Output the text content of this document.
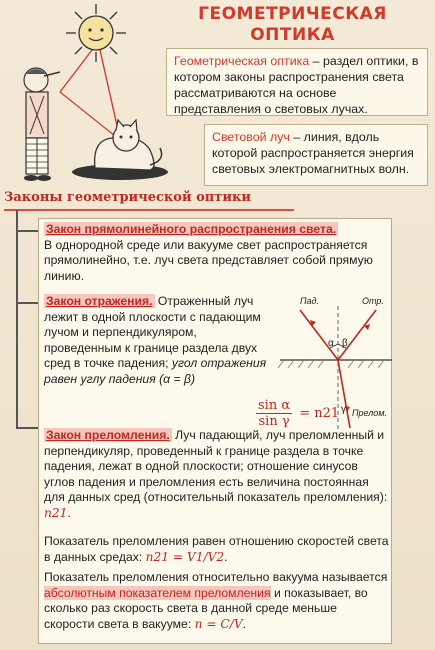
ГЕОМЕТРИЧЕСКАЯ
ОПТИКА
Геометрическая оптика – раздел оптики, в котором законы распространения света рассматриваются на основе представления о световых лучах.
Световой луч – линия, вдоль которой распространяется энергия световых электромагнитных волн.
Законы геометрической оптики
Закон прямолинейного распространения света.
В однородной среде или вакууме свет распространяется прямолинейно, т.е. луч света представляет собой прямую линию.
Закон отражения. Отраженный луч лежит в одной плоскости с падающим лучом и перпендикуляром, проведенным к границе раздела двух сред в точке падения; угол отражения равен углу падения (α = β)
Закон преломления. Луч падающий, луч преломленный и перпендикуляр, проведенный к границе раздела в точке падения, лежат в одной плоскости; отношение синусов углов падения и преломления есть величина постоянная для данных сред (относительный показатель преломления): n21.
Показатель преломления равен отношению скоростей света в данных средах: n21 = V1/V2.
Показатель преломления относительно вакуума называется абсолютным показателем преломления и показывает, во сколько раз скорость света в данной среде меньше скорости света в вакууме: n = C/V.
Пад.	Отр.
α β
γ Прелом.
$\frac{\text{sin α}}{\text{sin γ}} = n21$
